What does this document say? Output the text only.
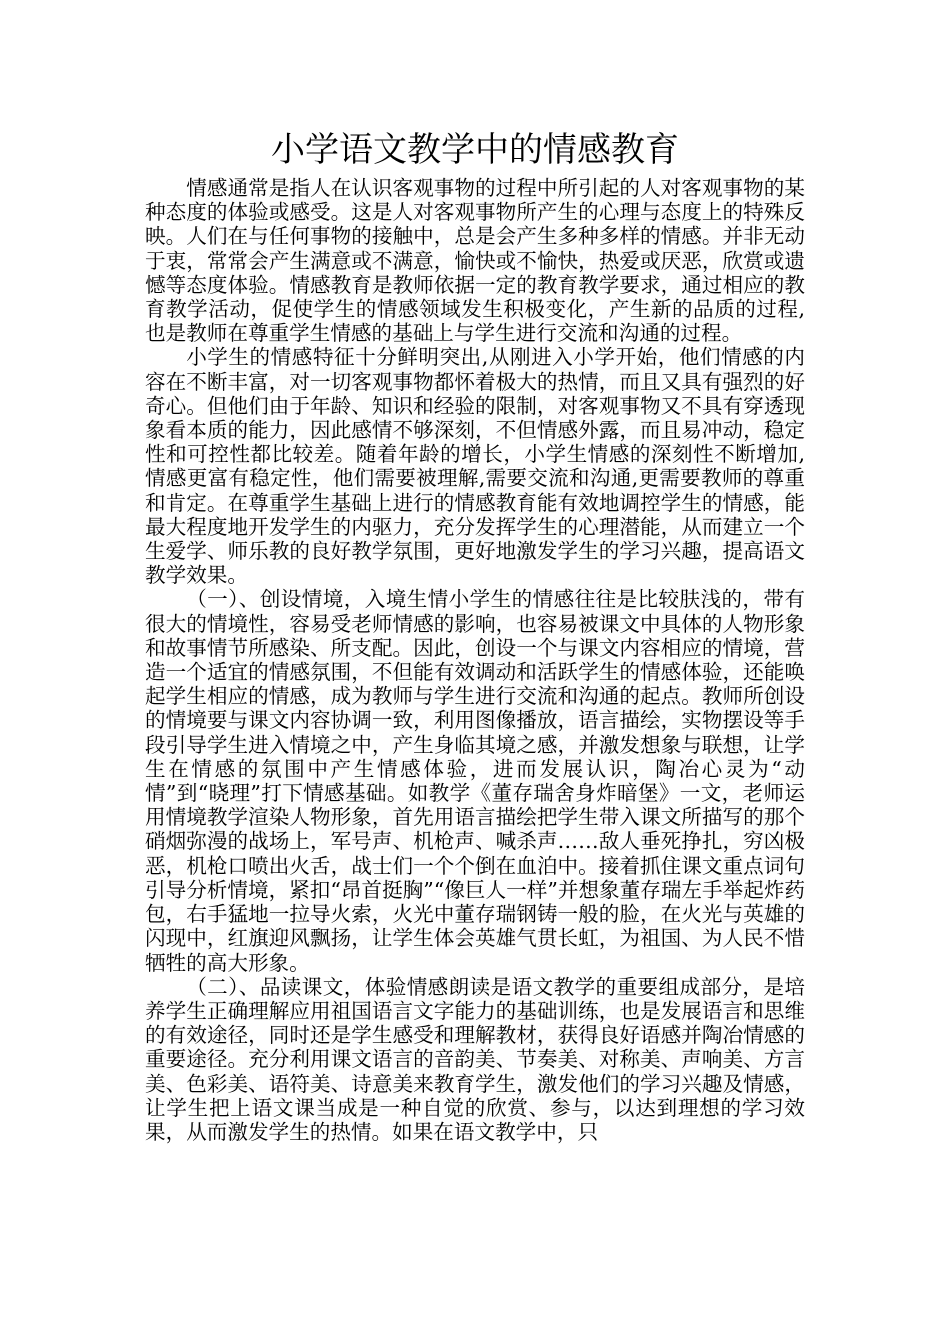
小学语文教学中的情感教育

情感通常是指人在认识客观事物的过程中所引起的人对客观事物的某种态度的体验或感受。这是人对客观事物所产生的心理与态度上的特殊反映。人们在与任何事物的接触中，总是会产生多种多样的情感。并非无动于衷，常常会产生满意或不满意，愉快或不愉快，热爱或厌恶，欣赏或遗憾等态度体验。情感教育是教师依据一定的教育教学要求，通过相应的教育教学活动，促使学生的情感领域发生积极变化，产生新的品质的过程,也是教师在尊重学生情感的基础上与学生进行交流和沟通的过程。

小学生的情感特征十分鲜明突出,从刚进入小学开始，他们情感的内容在不断丰富，对一切客观事物都怀着极大的热情，而且又具有强烈的好奇心。但他们由于年龄、知识和经验的限制，对客观事物又不具有穿透现象看本质的能力，因此感情不够深刻，不但情感外露，而且易冲动，稳定性和可控性都比较差。随着年龄的增长，小学生情感的深刻性不断增加,情感更富有稳定性，他们需要被理解,需要交流和沟通,更需要教师的尊重和肯定。在尊重学生基础上进行的情感教育能有效地调控学生的情感，能最大程度地开发学生的内驱力，充分发挥学生的心理潜能，从而建立一个生爱学、师乐教的良好教学氛围，更好地激发学生的学习兴趣，提高语文教学效果。

（一）、创设情境，入境生情小学生的情感往往是比较肤浅的，带有很大的情境性，容易受老师情感的影响，也容易被课文中具体的人物形象和故事情节所感染、所支配。因此，创设一个与课文内容相应的情境，营造一个适宜的情感氛围，不但能有效调动和活跃学生的情感体验，还能唤起学生相应的情感，成为教师与学生进行交流和沟通的起点。教师所创设的情境要与课文内容协调一致，利用图像播放，语言描绘，实物摆设等手段引导学生进入情境之中，产生身临其境之感，并激发想象与联想，让学生在情感的氛围中产生情感体验，进而发展认识，陶冶心灵为“动情”到“晓理”打下情感基础。如教学《董存瑞舍身炸暗堡》一文，老师运用情境教学渲染人物形象，首先用语言描绘把学生带入课文所描写的那个硝烟弥漫的战场上，军号声、机枪声、喊杀声……敌人垂死挣扎，穷凶极恶，机枪口喷出火舌，战士们一个个倒在血泊中。接着抓住课文重点词句引导分析情境，紧扣“昂首挺胸”“像巨人一样”并想象董存瑞左手举起炸药包，右手猛地一拉导火索，火光中董存瑞钢铸一般的脸，在火光与英雄的闪现中，红旗迎风飘扬，让学生体会英雄气贯长虹，为祖国、为人民不惜牺牲的高大形象。

（二）、品读课文，体验情感朗读是语文教学的重要组成部分，是培养学生正确理解应用祖国语言文字能力的基础训练，也是发展语言和思维的有效途径，同时还是学生感受和理解教材，获得良好语感并陶冶情感的重要途径。充分利用课文语言的音韵美、节奏美、对称美、声响美、方言美、色彩美、语符美、诗意美来教育学生，激发他们的学习兴趣及情感，让学生把上语文课当成是一种自觉的欣赏、参与，以达到理想的学习效果，从而激发学生的热情。如果在语文教学中，只
